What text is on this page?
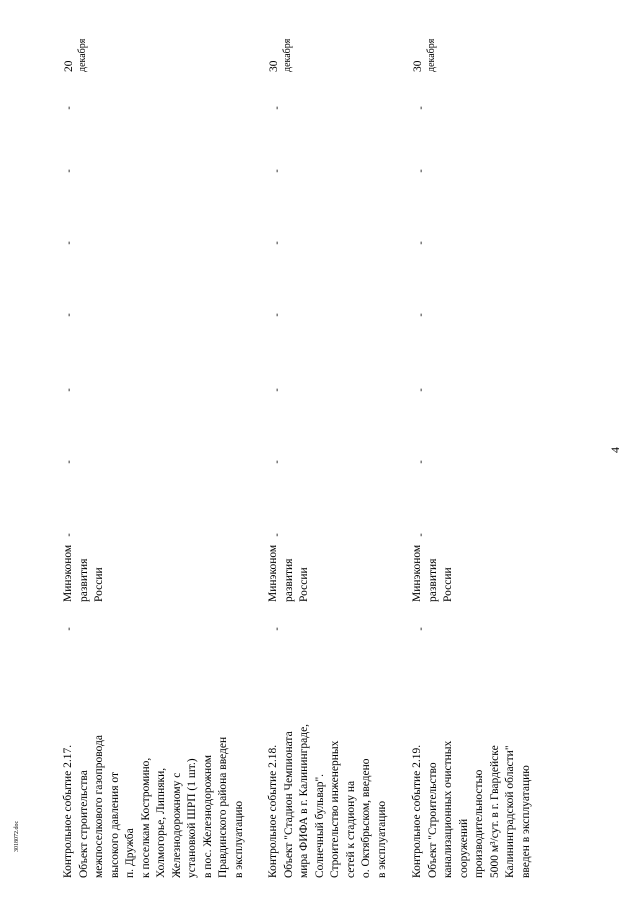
4
3018072.doc	Контрольное событие 2.17.
Объект строительства
межпоселкового газопровода
высокого давления от
п. Дружба
к поселкам Костромино,
Холмогорье, Липняки,
Железнодорожному с
установкой ШРП (1 шт.)
в пос. Железнодорожном
Правдинского района введен
в эксплуатацию
Минэконом
развития
России
20 декабря
Контрольное событие 2.18.
Объект "Стадион Чемпионата
мира ФИФА в г. Калининграде,
Солнечный бульвар".
Строительство инженерных
сетей к стадиону на
о. Октябрьском, введено
в эксплуатацию
Минэконом
развития
России
30 декабря
Контрольное событие 2.19.
Объект "Строительство
канализационных очистных
сооружений
производительностью
5000 м³/сут. в г. Гвардейске
Калининградской области"
введен в эксплуатацию
Минэконом
развития
России
30 декабря
-
-
-
-
-
-
-
-
-
-
-
-
-
-
-
-
-
-
-
-
-
-
-
-
